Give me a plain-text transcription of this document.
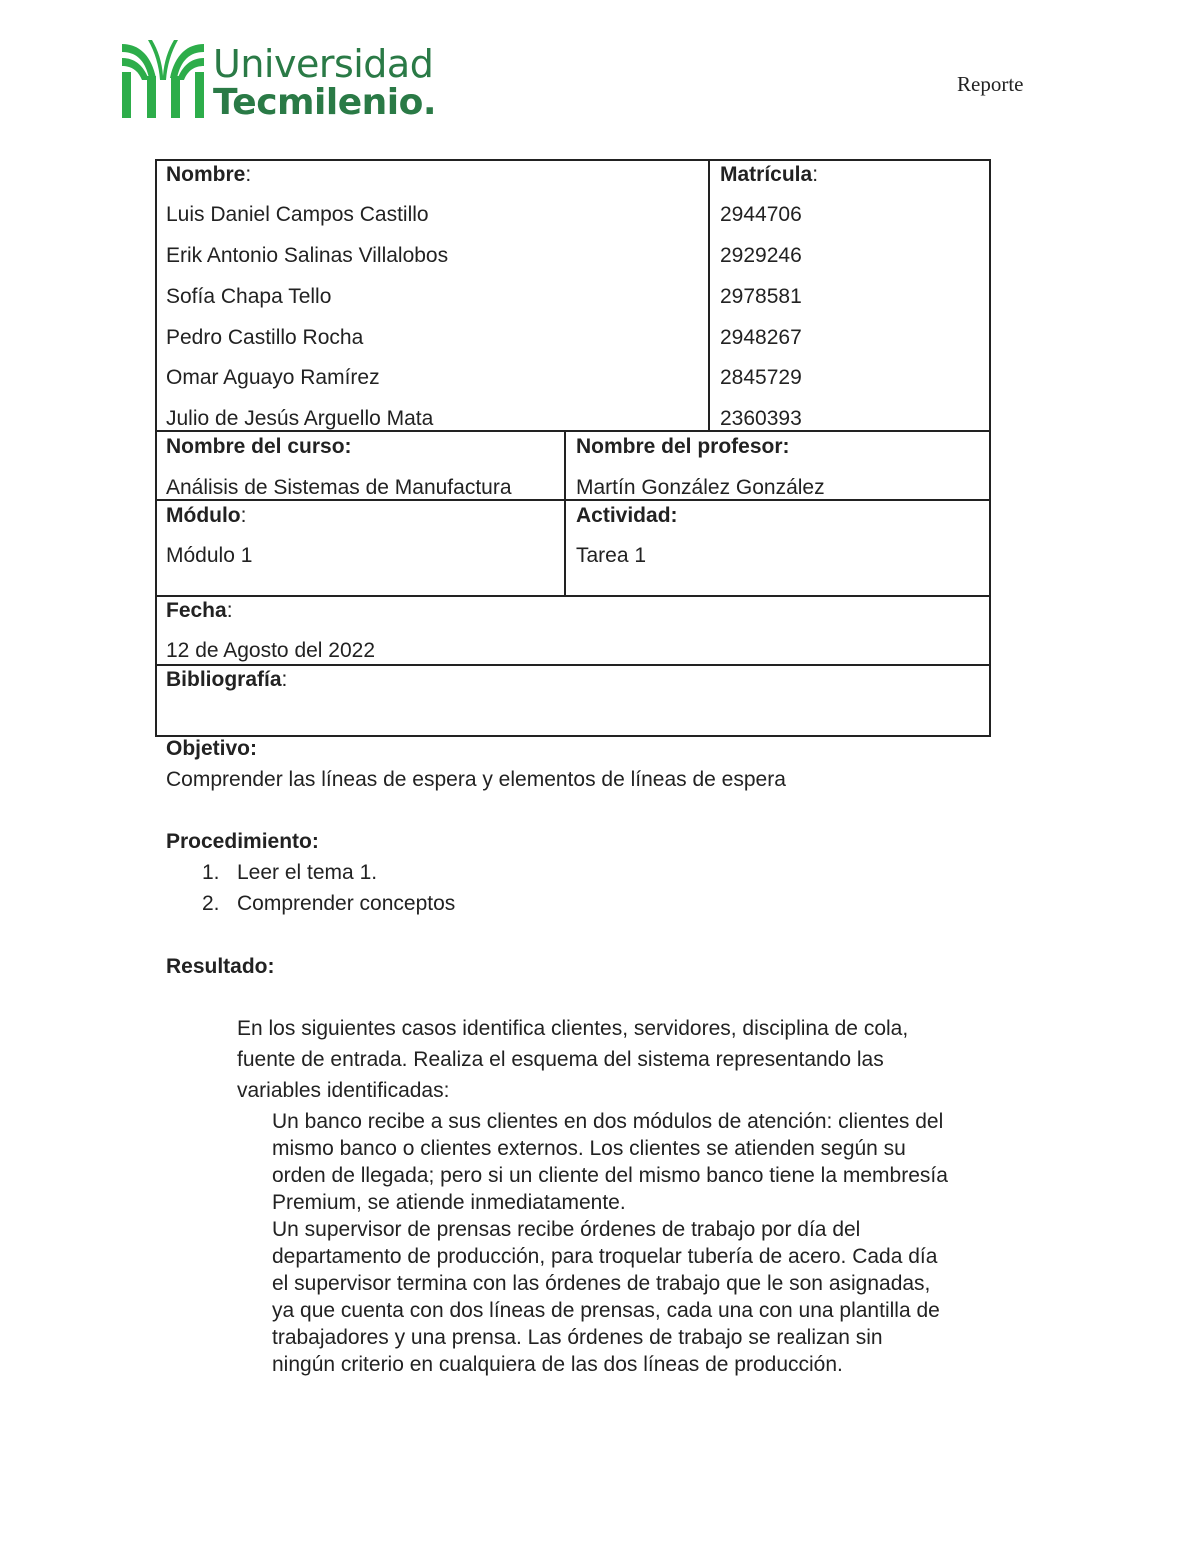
Universidad
Tecmilenio.	Reporte
Nombre:	Matrícula:
Luis Daniel Campos Castillo	2944706
Erik Antonio Salinas Villalobos	2929246
Sofía Chapa Tello	2978581
Pedro Castillo Rocha	2948267
Omar Aguayo Ramírez	2845729
Julio de Jesús Arguello Mata	2360393
Nombre del curso:
Análisis de Sistemas de Manufactura
Nombre del profesor:
Martín González González
Módulo:
Módulo 1
Actividad:
Tarea 1
Fecha:
12 de Agosto del 2022
Bibliografía:
Objetivo:
Comprender las líneas de espera y elementos de líneas de espera
Procedimiento:
1. Leer el tema 1.
2. Comprender conceptos
Resultado:
En los siguientes casos identifica clientes, servidores, disciplina de cola,
fuente de entrada. Realiza el esquema del sistema representando las
variables identificadas:
Un banco recibe a sus clientes en dos módulos de atención: clientes del
mismo banco o clientes externos. Los clientes se atienden según su
orden de llegada; pero si un cliente del mismo banco tiene la membresía
Premium, se atiende inmediatamente.
Un supervisor de prensas recibe órdenes de trabajo por día del
departamento de producción, para troquelar tubería de acero. Cada día
el supervisor termina con las órdenes de trabajo que le son asignadas,
ya que cuenta con dos líneas de prensas, cada una con una plantilla de
trabajadores y una prensa. Las órdenes de trabajo se realizan sin
ningún criterio en cualquiera de las dos líneas de producción.
